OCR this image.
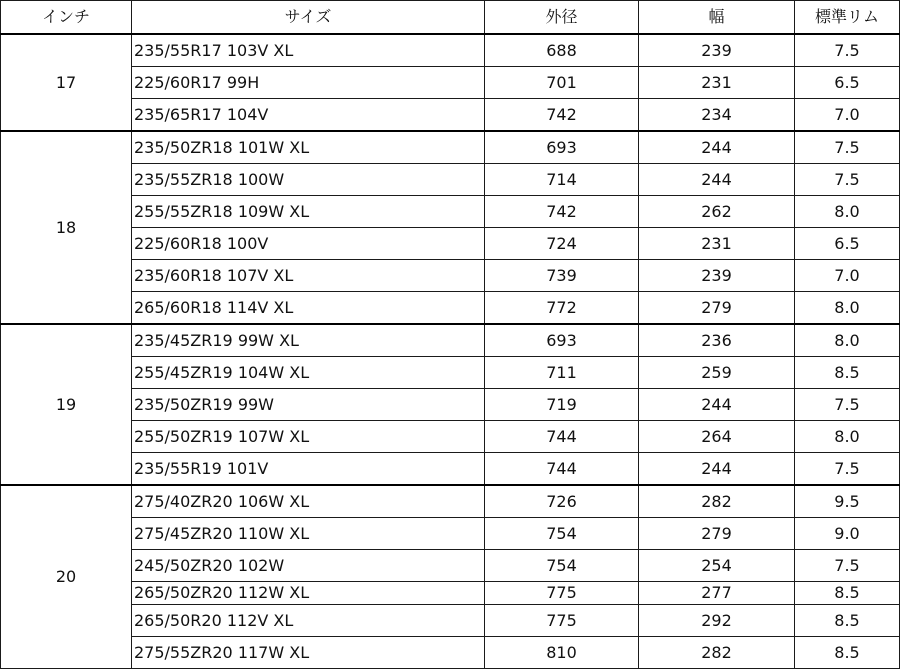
インチ	サイズ	外径	幅	標準リム
17	235/55R17 103V XL	688	239	7.5
	225/60R17 99H	701	231	6.5
	235/65R17 104V	742	234	7.0
18	235/50ZR18 101W XL	693	244	7.5
	235/55ZR18 100W	714	244	7.5
	255/55ZR18 109W XL	742	262	8.0
	225/60R18 100V	724	231	6.5
	235/60R18 107V XL	739	239	7.0
	265/60R18 114V XL	772	279	8.0
19	235/45ZR19 99W XL	693	236	8.0
	255/45ZR19 104W XL	711	259	8.5
	235/50ZR19 99W	719	244	7.5
	255/50ZR19 107W XL	744	264	8.0
	235/55R19 101V	744	244	7.5
20	275/40ZR20 106W XL	726	282	9.5
	275/45ZR20 110W XL	754	279	9.0
	245/50ZR20 102W	754	254	7.5
	265/50ZR20 112W XL	775	277	8.5
	265/50R20 112V XL	775	292	8.5
	275/55ZR20 117W XL	810	282	8.5
